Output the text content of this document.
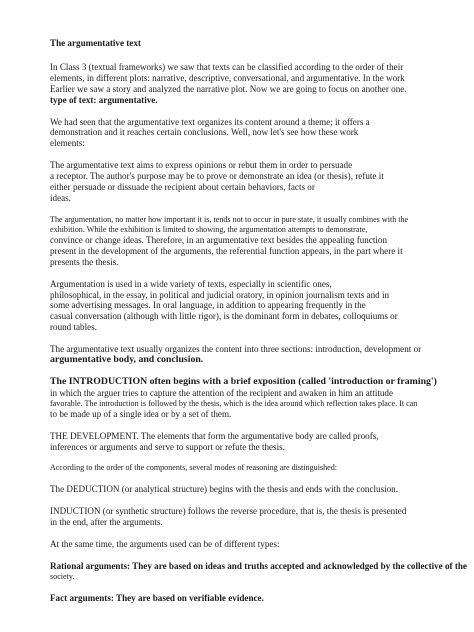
The argumentative text

In Class 3 (textual frameworks) we saw that texts can be classified according to the order of their
elements, in different plots: narrative, descriptive, conversational, and argumentative. In the work
Earlier we saw a story and analyzed the narrative plot. Now we are going to focus on another one.
type of text: argumentative.

We had seen that the argumentative text organizes its content around a theme; it offers a
demonstration and it reaches certain conclusions. Well, now let's see how these work
elements:

The argumentative text aims to express opinions or rebut them in order to persuade
a receptor. The author's purpose may be to prove or demonstrate an idea (or thesis), refute it
either persuade or dissuade the recipient about certain behaviors, facts or
ideas.

The argumentation, no matter how important it is, tends not to occur in pure state, it usually combines with the
exhibition. While the exhibition is limited to showing, the argumentation attempts to demonstrate,
convince or change ideas. Therefore, in an argumentative text besides the appealing function
present in the development of the arguments, the referential function appears, in the part where it
presents the thesis.

Argumentation is used in a wide variety of texts, especially in scientific ones,
philosophical, in the essay, in political and judicial oratory, in opinion journalism texts and in
some advertising messages. In oral language, in addition to appearing frequently in the
casual conversation (although with little rigor), is the dominant form in debates, colloquiums or
round tables.

The argumentative text usually organizes the content into three sections: introduction, development or
argumentative body, and conclusion.

The INTRODUCTION often begins with a brief exposition (called 'introduction or framing')
in which the arguer tries to capture the attention of the recipient and awaken in him an attitude
favorable. The introduction is followed by the thesis, which is the idea around which reflection takes place. It can
to be made up of a single idea or by a set of them.

THE DEVELOPMENT. The elements that form the argumentative body are called proofs,
inferences or arguments and serve to support or refute the thesis.

According to the order of the components, several modes of reasoning are distinguished:

The DEDUCTION (or analytical structure) begins with the thesis and ends with the conclusion.

INDUCTION (or synthetic structure) follows the reverse procedure, that is, the thesis is presented
in the end, after the arguments.

At the same time, the arguments used can be of different types:

Rational arguments: They are based on ideas and truths accepted and acknowledged by the collective of the
society.

Fact arguments: They are based on verifiable evidence.
